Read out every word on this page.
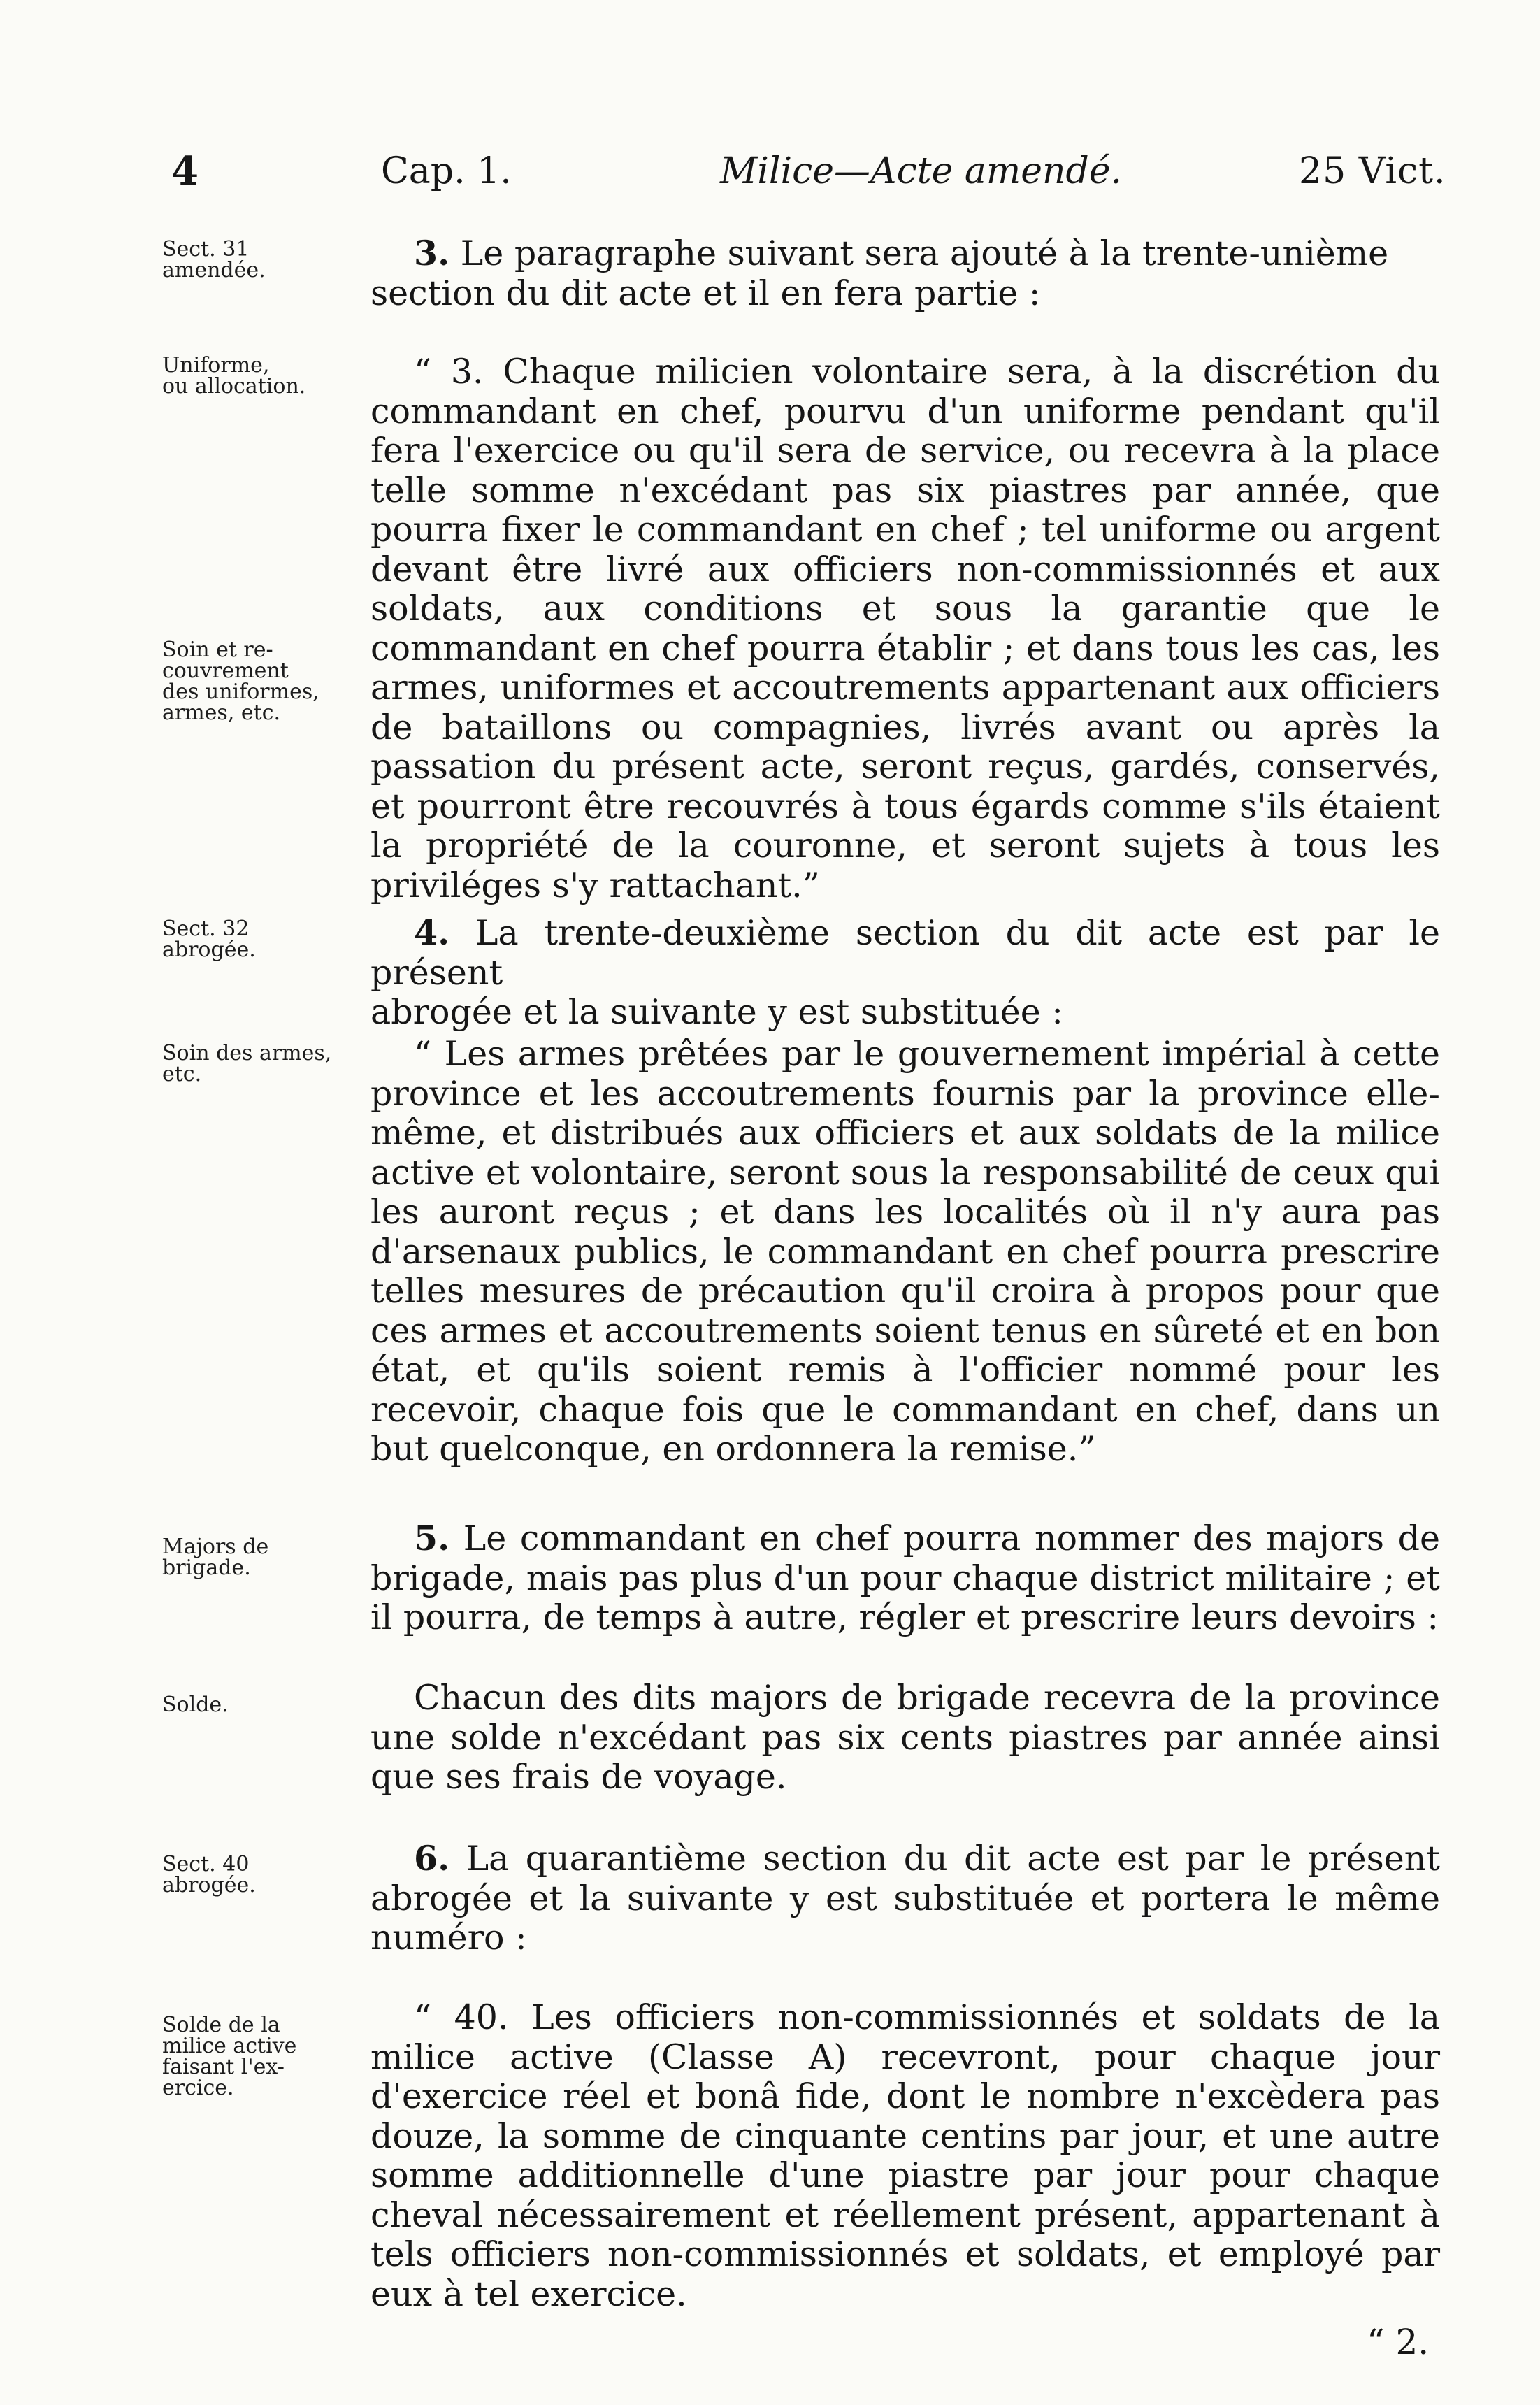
4	Cap. 1.	Milice—Acte amendé.	25 Vict.
Sect. 31
amendée.
Uniforme,
ou allocation.
Soin et re-
couvrement
des uniformes,
armes, etc.
Sect. 32
abrogée.
Soin des armes,
etc.
Majors de
brigade.
Solde.
Sect. 40
abrogée.
Solde de la
milice active
faisant l'ex-
ercice.
3. Le paragraphe suivant sera ajouté à la trente-unième
section du dit acte et il en fera partie :
“ 3. Chaque milicien volontaire sera, à la discrétion du commandant en chef, pourvu d'un uniforme pendant qu'il fera l'exercice ou qu'il sera de service, ou recevra à la place telle somme n'excédant pas six piastres par année, que pourra fixer le commandant en chef ; tel uniforme ou argent devant être livré aux officiers non-commissionnés et aux soldats, aux conditions et sous la garantie que le commandant en chef pourra établir ; et dans tous les cas, les armes, uniformes et accoutrements appartenant aux officiers de bataillons ou compagnies, livrés avant ou après la passation du présent acte, seront reçus, gardés, conservés, et pourront être recouvrés à tous égards comme s'ils étaient la propriété de la couronne, et seront sujets à tous les priviléges s'y rattachant.”
4. La trente-deuxième section du dit acte est par le présent
abrogée et la suivante y est substituée :
“ Les armes prêtées par le gouvernement impérial à cette province et les accoutrements fournis par la province elle-même, et distribués aux officiers et aux soldats de la milice active et volontaire, seront sous la responsabilité de ceux qui les auront reçus ; et dans les localités où il n'y aura pas d'arsenaux publics, le commandant en chef pourra prescrire telles mesures de précaution qu'il croira à propos pour que ces armes et accoutrements soient tenus en sûreté et en bon état, et qu'ils soient remis à l'officier nommé pour les recevoir, chaque fois que le commandant en chef, dans un but quelconque, en ordonnera la remise.”
5. Le commandant en chef pourra nommer des majors de brigade, mais pas plus d'un pour chaque district militaire ; et il pourra, de temps à autre, régler et prescrire leurs devoirs :
Chacun des dits majors de brigade recevra de la province une solde n'excédant pas six cents piastres par année ainsi que ses frais de voyage.
6. La quarantième section du dit acte est par le présent abrogée et la suivante y est substituée et portera le même numéro :
“ 40. Les officiers non-commissionnés et soldats de la milice active (Classe A) recevront, pour chaque jour d'exercice réel et bonâ fide, dont le nombre n'excèdera pas douze, la somme de cinquante centins par jour, et une autre somme additionnelle d'une piastre par jour pour chaque cheval nécessairement et réellement présent, appartenant à tels officiers non-commissionnés et soldats, et employé par eux à tel exercice.
“ 2.
